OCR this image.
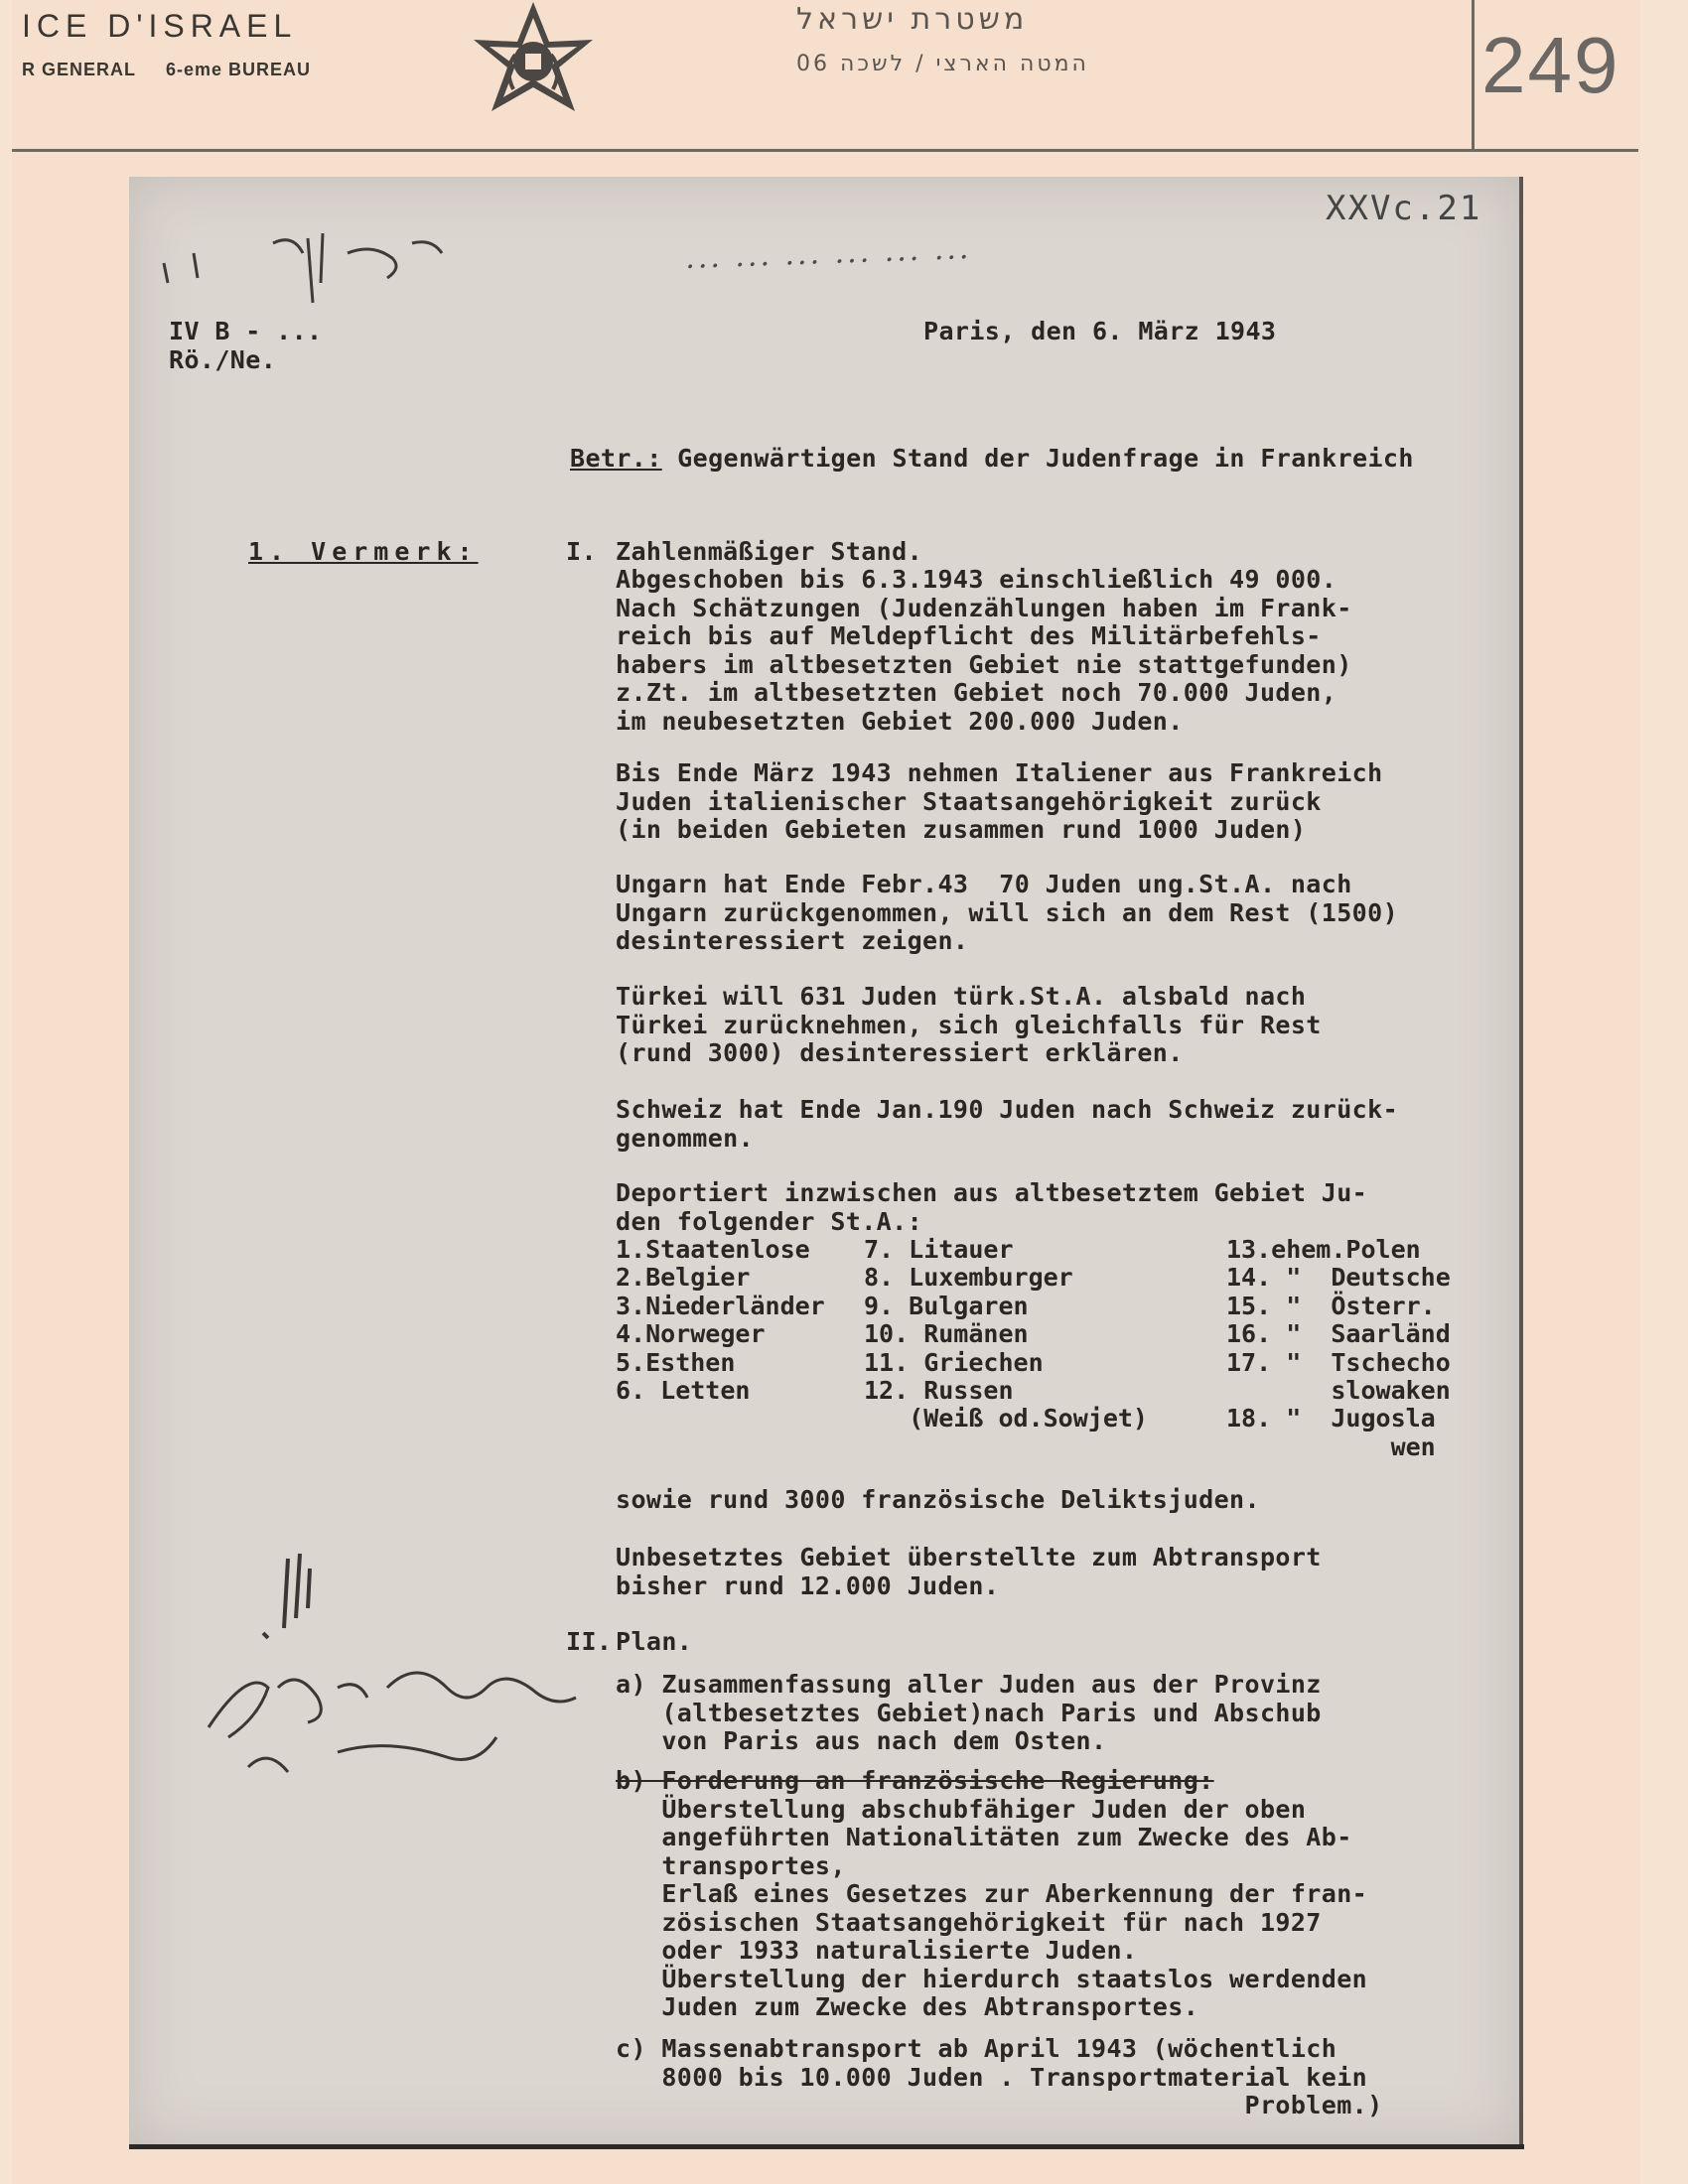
ICE D'ISRAEL
R GENERAL 6-eme BUREAU
משטרת ישראל
המטה הארצי / לשכה 06	249
XXVc.21
... ... ... ... ... ...
IV B - ...
Rö./Ne.
Paris, den 6. März 1943
Betr.: Gegenwärtigen Stand der Judenfrage in Frankreich
1. Vermerk:	I. Zahlenmäßiger Stand.
Abgeschoben bis 6.3.1943 einschließlich 49 000.
Nach Schätzungen (Judenzählungen haben im Frank-
reich bis auf Meldepflicht des Militärbefehls-
habers im altbesetzten Gebiet nie stattgefunden)
z.Zt. im altbesetzten Gebiet noch 70.000 Juden,
im neubesetzten Gebiet 200.000 Juden.
Bis Ende März 1943 nehmen Italiener aus Frankreich
Juden italienischer Staatsangehörigkeit zurück
(in beiden Gebieten zusammen rund 1000 Juden)
Ungarn hat Ende Febr.43  70 Juden ung.St.A. nach
Ungarn zurückgenommen, will sich an dem Rest (1500)
desinteressiert zeigen.
Türkei will 631 Juden türk.St.A. alsbald nach
Türkei zurücknehmen, sich gleichfalls für Rest
(rund 3000) desinteressiert erklären.
Schweiz hat Ende Jan.190 Juden nach Schweiz zurück-
genommen.
Deportiert inzwischen aus altbesetztem Gebiet Ju-
den folgender St.A.:
1.Staatenlose
2.Belgier
3.Niederländer
4.Norweger
5.Esthen
6. Letten
7. Litauer
8. Luxemburger
9. Bulgaren
10. Rumänen
11. Griechen
12. Russen
(Weiß od.Sowjet)
13.ehem.Polen
14. "  Deutsche
15. "  Österr.
16. "  Saarländ
17. "  Tschecho
slowaken
18. "  Jugosla
wen
sowie rund 3000 französische Deliktsjuden.
Unbesetztes Gebiet überstellte zum Abtransport
bisher rund 12.000 Juden.
II. Plan.
a) Zusammenfassung aller Juden aus der Provinz
(altbesetztes Gebiet)nach Paris und Abschub
von Paris aus nach dem Osten.
b) Forderung an französische Regierung:
Überstellung abschubfähiger Juden der oben
angeführten Nationalitäten zum Zwecke des Ab-
transportes,
Erlaß eines Gesetzes zur Aberkennung der fran-
zösischen Staatsangehörigkeit für nach 1927
oder 1933 naturalisierte Juden.
Überstellung der hierdurch staatslos werdenden
Juden zum Zwecke des Abtransportes.
c) Massenabtransport ab April 1943 (wöchentlich
8000 bis 10.000 Juden . Transportmaterial kein
Problem.)
